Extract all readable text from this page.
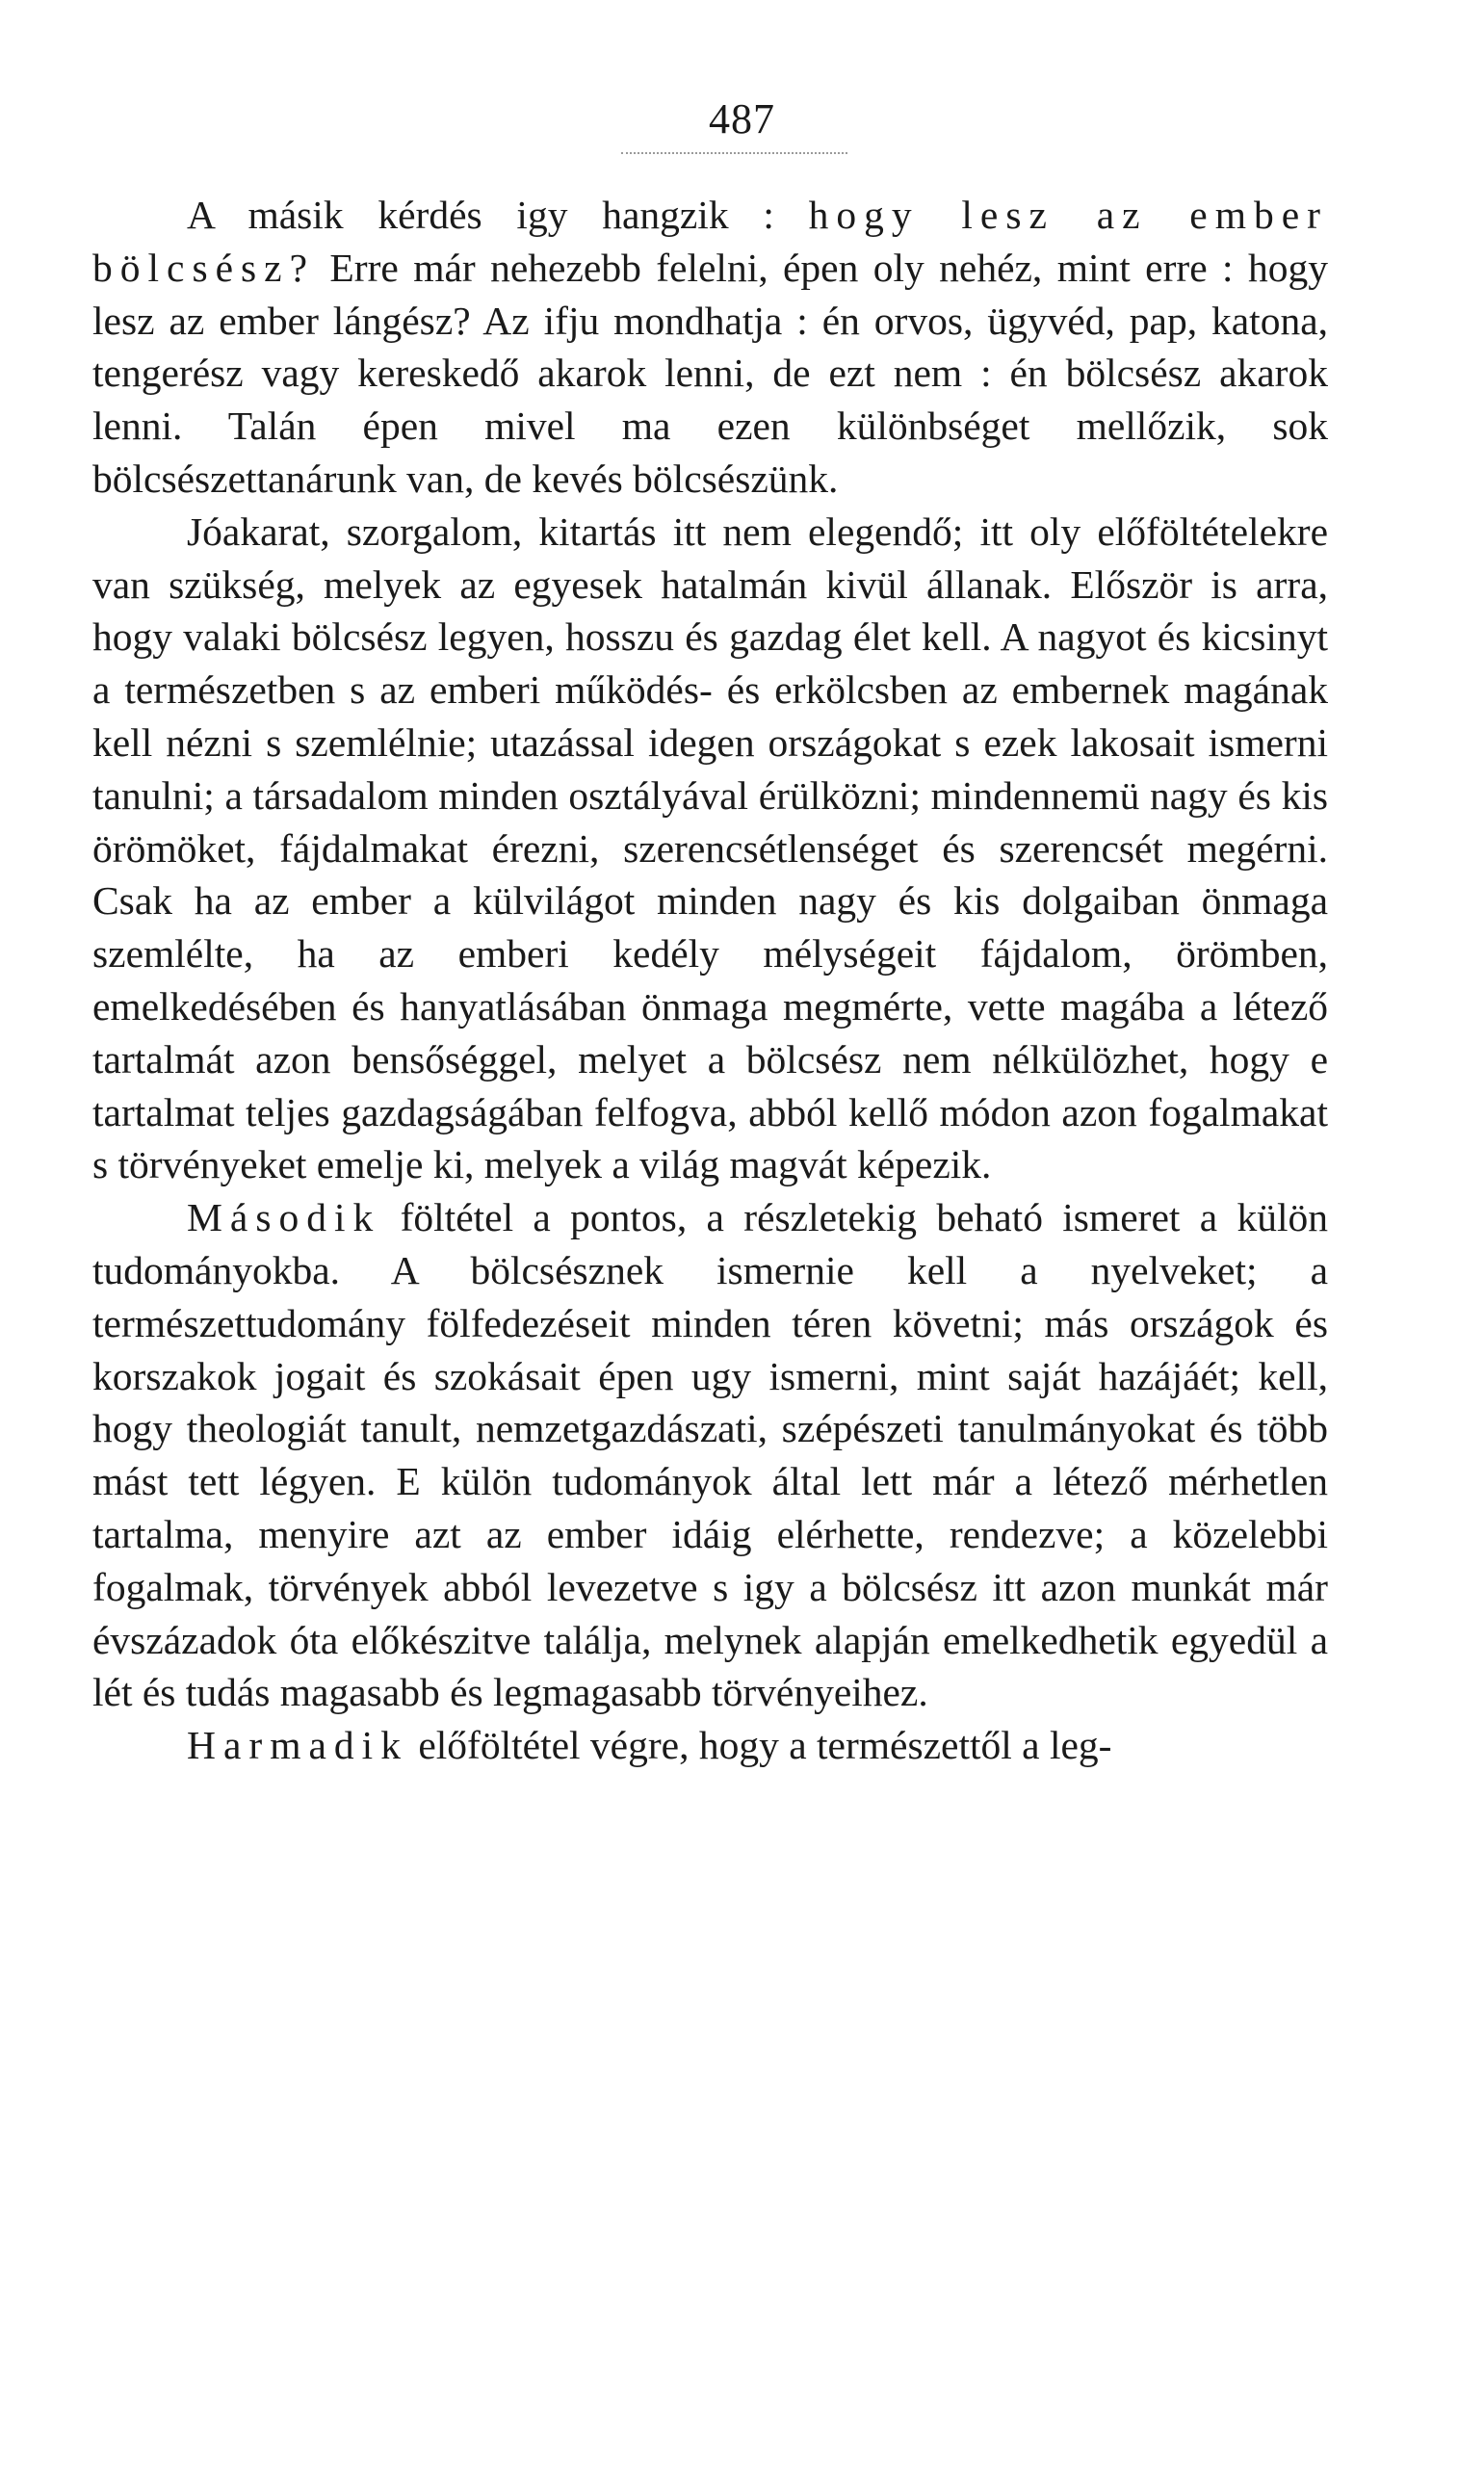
487

A másik kérdés igy hangzik : hogy lesz az ember bölcsész? Erre már nehezebb felelni, épen oly nehéz, mint erre : hogy lesz az ember lángész? Az ifju mondhatja : én orvos, ügyvéd, pap, katona, tengerész vagy kereskedő akarok lenni, de ezt nem : én bölcsész akarok lenni. Talán épen mivel ma ezen különbséget mellőzik, sok bölcsészettanárunk van, de kevés bölcsészünk.

Jóakarat, szorgalom, kitartás itt nem elegendő; itt oly előföltételekre van szükség, melyek az egyesek hatalmán kivül állanak. Először is arra, hogy valaki bölcsész legyen, hosszu és gazdag élet kell. A nagyot és kicsinyt a természetben s az emberi működés- és erkölcsben az embernek magának kell nézni s szemlélnie; utazással idegen országokat s ezek lakosait ismerni tanulni; a társadalom minden osztályával érülközni; mindennemü nagy és kis örömöket, fájdalmakat érezni, szerencsétlenséget és szerencsét megérni. Csak ha az ember a külvilágot minden nagy és kis dolgaiban önmaga szemlélte, ha az emberi kedély mélységeit fájdalom, örömben, emelkedésében és hanyatlásában önmaga megmérte, vette magába a létező tartalmát azon bensőséggel, melyet a bölcsész nem nélkülözhet, hogy e tartalmat teljes gazdagságában felfogva, abból kellő módon azon fogalmakat s törvényeket emelje ki, melyek a világ magvát képezik.

Második föltétel a pontos, a részletekig beható ismeret a külön tudományokba. A bölcsésznek ismernie kell a nyelveket; a természettudomány fölfedezéseit minden téren követni; más országok és korszakok jogait és szokásait épen ugy ismerni, mint saját hazájáét; kell, hogy theologiát tanult, nemzetgazdászati, szépészeti tanulmányokat és több mást tett légyen. E külön tudományok által lett már a létező mérhetlen tartalma, menyire azt az ember idáig elérhette, rendezve; a közelebbi fogalmak, törvények abból levezetve s igy a bölcsész itt azon munkát már évszázadok óta előkészitve találja, melynek alapján emelkedhetik egyedül a lét és tudás magasabb és legmagasabb törvényeihez.

Harmadik előföltétel végre, hogy a természettől a leg-
